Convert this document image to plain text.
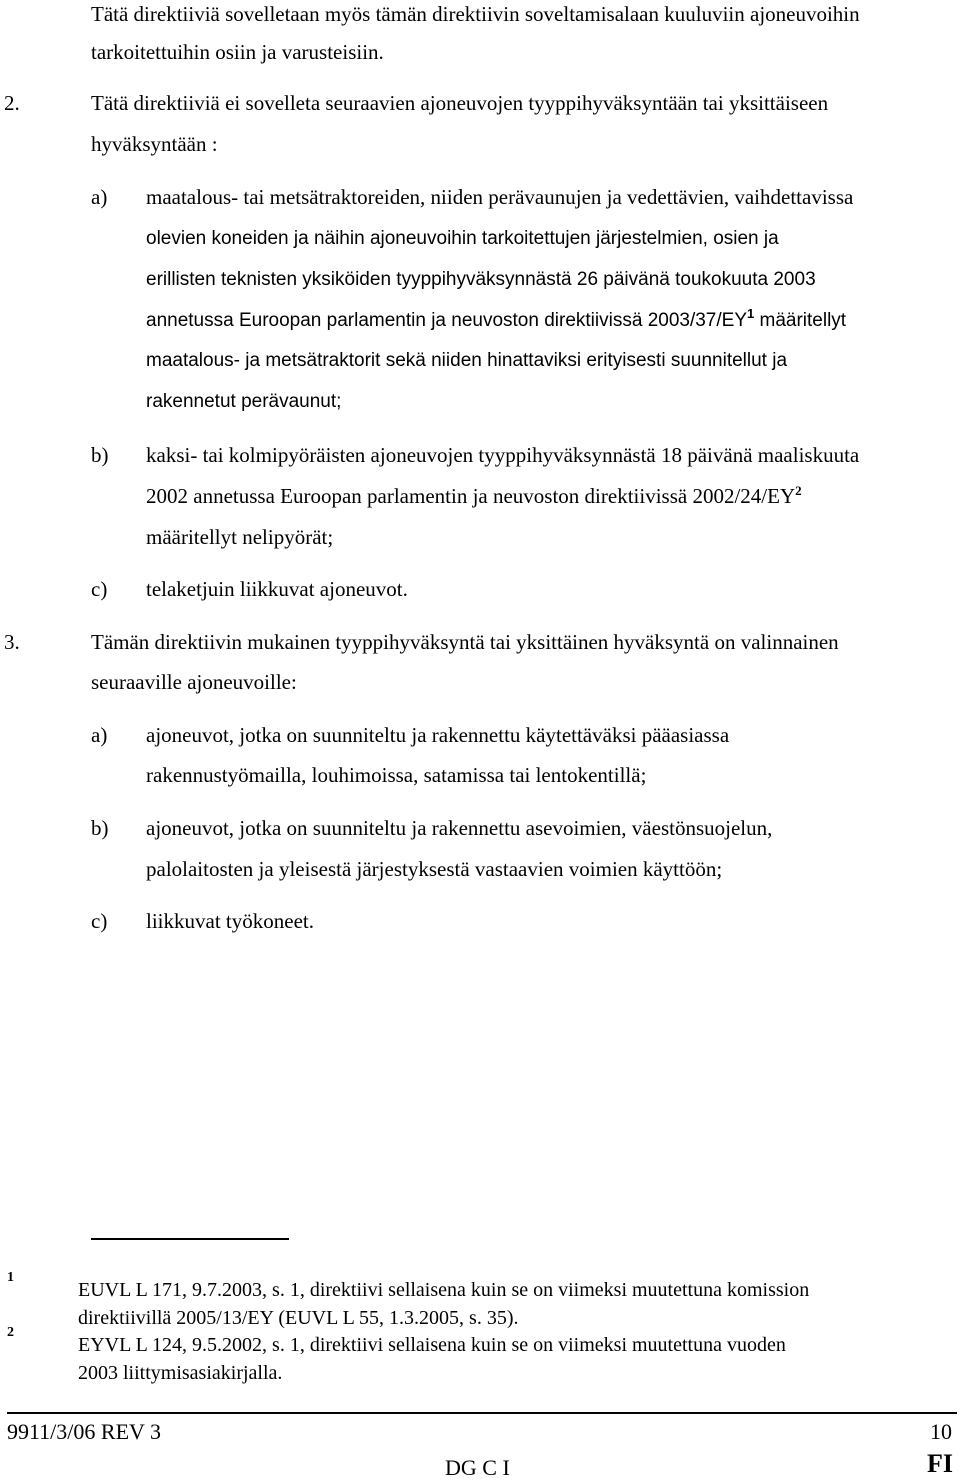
Tätä direktiiviä sovelletaan myös tämän direktiivin soveltamisalaan kuuluviin ajoneuvoihin
tarkoitettuihin osiin ja varusteisiin.
2.	Tätä direktiiviä ei sovelleta seuraavien ajoneuvojen tyyppihyväksyntään tai yksittäiseen
hyväksyntään :
a) maatalous- tai metsätraktoreiden, niiden perävaunujen ja vedettävien, vaihdettavissa
olevien koneiden ja näihin ajoneuvoihin tarkoitettujen järjestelmien, osien ja
erillisten teknisten yksiköiden tyyppihyväksynnästä 26 päivänä toukokuuta 2003
annetussa Euroopan parlamentin ja neuvoston direktiivissä $2003/37/EY^1$ määritellyt
maatalous- ja metsätraktorit sekä niiden hinattaviksi erityisesti suunnitellut ja
rakennetut perävaunut;
b) kaksi- tai kolmipyöräisten ajoneuvojen tyyppihyväksynnästä 18 päivänä maaliskuuta
2002 annetussa Euroopan parlamentin ja neuvoston direktiivissä $2002/24/EY^2$
määritellyt nelipyörät;
c) telaketjuin liikkuvat ajoneuvot.
3.	Tämän direktiivin mukainen tyyppihyväksyntä tai yksittäinen hyväksyntä on valinnainen
seuraaville ajoneuvoille:
a) ajoneuvot, jotka on suunniteltu ja rakennettu käytettäväksi pääasiassa
rakennustyömailla, louhimoissa, satamissa tai lentokentillä;
b) ajoneuvot, jotka on suunniteltu ja rakennettu asevoimien, väestönsuojelun,
palolaitosten ja yleisestä järjestyksestä vastaavien voimien käyttöön;
c) liikkuvat työkoneet.
1
EUVL L 171, 9.7.2003, s. 1, direktiivi sellaisena kuin se on viimeksi muutettuna komission
direktiivillä 2005/13/EY (EUVL L 55, 1.3.2005, s. 35).
2
EYVL L 124, 9.5.2002, s. 1, direktiivi sellaisena kuin se on viimeksi muutettuna vuoden
2003 liittymisasiakirjalla.
9911/3/06 REV 3	10
DG C I	FI
